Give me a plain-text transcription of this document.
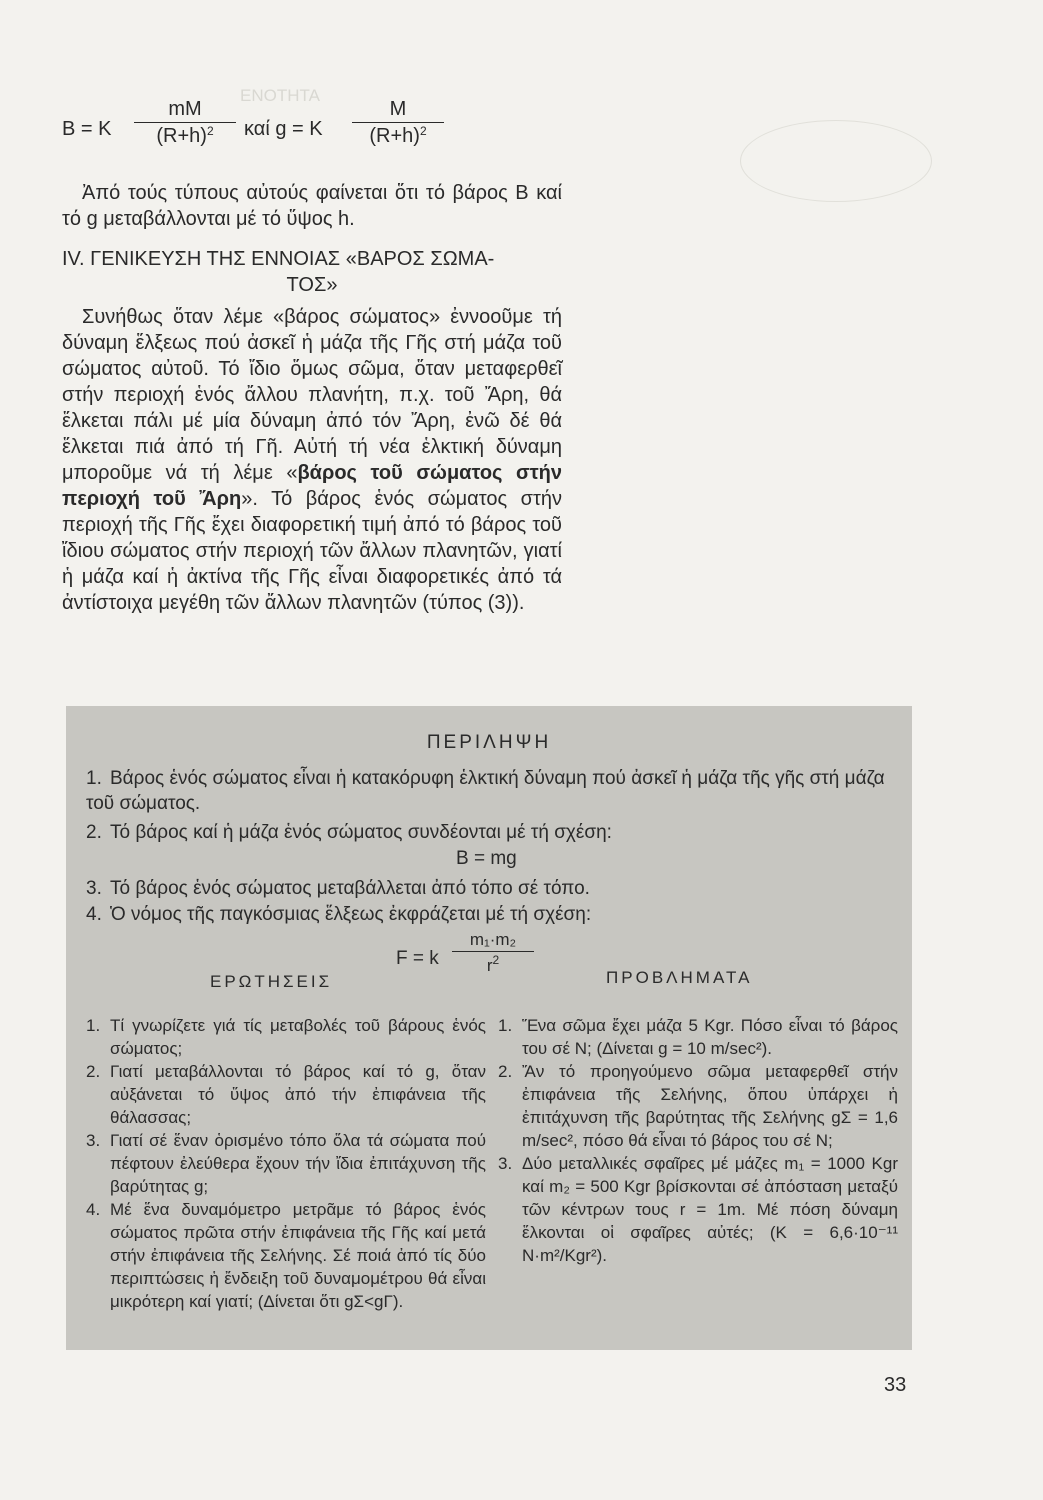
ΕΝΟΤΗΤΑ
B = K $\frac{mM}{(R+h)^2}$ καί g = K $\frac{M}{(R+h)^2}$

Ἀπό τούς τύπους αὐτούς φαίνεται ὅτι τό βάρος Β καί τό g μεταβάλλονται μέ τό ὕψος h.

IV. ΓΕΝΙΚΕΥΣΗ ΤΗΣ ΕΝΝΟΙΑΣ «ΒΑΡΟΣ ΣΩΜΑ-

ΤΟΣ»

Συνήθως ὅταν λέμε «βάρος σώματος» ἐννοοῦμε τή δύναμη ἕλξεως πού ἀσκεῖ ἡ μάζα τῆς Γῆς στή μάζα τοῦ σώματος αὐτοῦ. Τό ἴδιο ὅμως σῶμα, ὅταν μεταφερθεῖ στήν περιοχή ἑνός ἄλλου πλανήτη, π.χ. τοῦ Ἄρη, θά ἕλκεται πάλι μέ μία δύναμη ἀπό τόν Ἄρη, ἐνῶ δέ θά ἕλκεται πιά ἀπό τή Γῆ. Αὐτή τή νέα ἑλκτική δύναμη μποροῦμε νά τή λέμε «βάρος τοῦ σώματος στήν περιοχή τοῦ Ἄρη». Τό βάρος ἑνός σώματος στήν περιοχή τῆς Γῆς ἔχει διαφορετική τιμή ἀπό τό βάρος τοῦ ἴδιου σώματος στήν περιοχή τῶν ἄλλων πλανητῶν, γιατί ἡ μάζα καί ἡ ἀκτίνα τῆς Γῆς εἶναι διαφορετικές ἀπό τά ἀντίστοιχα μεγέθη τῶν ἄλλων πλανητῶν (τύπος (3)).

ΠΕΡΙΛΗΨΗ
1. Βάρος ἑνός σώματος εἶναι ἡ κατακόρυφη ἑλκτική δύναμη πού ἀσκεῖ ἡ μάζα τῆς γῆς στή μάζα τοῦ σώματος.
2. Τό βάρος καί ἡ μάζα ἑνός σώματος συνδέονται μέ τή σχέση:
B = mg
3. Τό βάρος ἑνός σώματος μεταβάλλεται ἀπό τόπο σέ τόπο.
4. Ὁ νόμος τῆς παγκόσμιας ἕλξεως ἐκφράζεται μέ τή σχέση:
F = k $\frac{\text{m₁·m₂}}{r^2}$
ΕΡΩΤΗΣΕΙΣ	ΠΡΟΒΛΗΜΑΤΑ
1. Τί γνωρίζετε γιά τίς μεταβολές τοῦ βάρους ἑνός σώματος;
2. Γιατί μεταβάλλονται τό βάρος καί τό g, ὅταν αὐξάνεται τό ὕψος ἀπό τήν ἐπιφάνεια τῆς θάλασσας;
3. Γιατί σέ ἕναν ὁρισμένο τόπο ὅλα τά σώματα πού πέφτουν ἐλεύθερα ἔχουν τήν ἴδια ἐπιτάχυνση τῆς βαρύτητας g;
4. Μέ ἕνα δυναμόμετρο μετρᾶμε τό βάρος ἑνός σώματος πρῶτα στήν ἐπιφάνεια τῆς Γῆς καί μετά στήν ἐπιφάνεια τῆς Σελήνης. Σέ ποιά ἀπό τίς δύο περιπτώσεις ἡ ἔνδειξη τοῦ δυναμομέτρου θά εἶναι μικρότερη καί γιατί; (Δίνεται ὅτι gΣ<gΓ).
1. Ἕνα σῶμα ἔχει μάζα 5 Kgr. Πόσο εἶναι τό βάρος του σέ Ν; (Δίνεται g = 10 m/sec²).
2. Ἄν τό προηγούμενο σῶμα μεταφερθεῖ στήν ἐπιφάνεια τῆς Σελήνης, ὅπου ὑπάρχει ἡ ἐπιτάχυνση τῆς βαρύτητας τῆς Σελήνης gΣ = 1,6 m/sec², πόσο θά εἶναι τό βάρος του σέ Ν;
3. Δύο μεταλλικές σφαῖρες μέ μάζες m₁ = 1000 Kgr καί m₂ = 500 Kgr βρίσκονται σέ ἀπόσταση μεταξύ τῶν κέντρων τους r = 1m. Μέ πόση δύναμη ἕλκονται οἱ σφαῖρες αὐτές; (K = 6,6·10⁻¹¹ N·m²/Kgr²).
33
